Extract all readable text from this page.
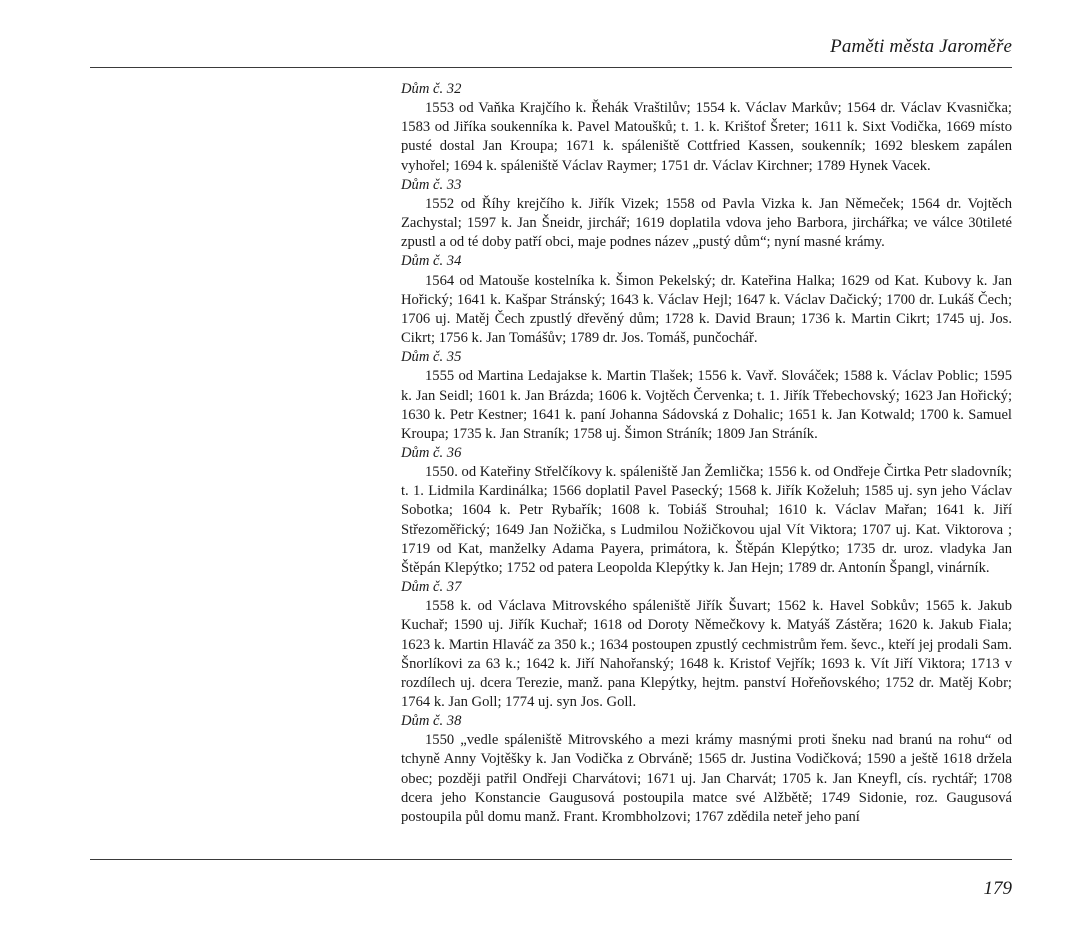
Paměti města Jaroměře
Dům č. 32

1553 od Vaňka Krajčího k. Řehák Vraštilův; 1554 k. Václav Markův; 1564 dr. Václav Kvasnička; 1583 od Jiříka soukenníka k. Pavel Matoušků; t. 1. k. Krištof Šreter; 1611 k. Sixt Vodička, 1669 místo pusté dostal Jan Kroupa; 1671 k. spáleniště Cottfried Kassen, soukenník; 1692 bleskem zapálen vyhořel; 1694 k. spáleniště Václav Raymer; 1751 dr. Václav Kirchner; 1789 Hynek Vacek.

Dům č. 33

1552 od Říhy krejčího k. Jiřík Vizek; 1558 od Pavla Vizka k. Jan Němeček; 1564 dr. Vojtěch Zachystal; 1597 k. Jan Šneidr, jirchář; 1619 doplatila vdova jeho Barbora, jirchářka; ve válce 30tileté zpustl a od té doby patří obci, maje podnes název „pustý dům“; nyní masné krámy.

Dům č. 34

1564 od Matouše kostelníka k. Šimon Pekelský; dr. Kateřina Halka; 1629 od Kat. Kubovy k. Jan Hořický; 1641 k. Kašpar Stránský; 1643 k. Václav Hejl; 1647 k. Václav Dačický; 1700 dr. Lukáš Čech; 1706 uj. Matěj Čech zpustlý dřevěný dům; 1728 k. David Braun; 1736 k. Martin Cikrt; 1745 uj. Jos. Cikrt; 1756 k. Jan Tomášův; 1789 dr. Jos. Tomáš, punčochář.

Dům č. 35

1555 od Martina Ledajakse k. Martin Tlašek; 1556 k. Vavř. Slováček; 1588 k. Václav Poblic; 1595 k. Jan Seidl; 1601 k. Jan Brázda; 1606 k. Vojtěch Červenka; t. 1. Jiřík Třebechovský; 1623 Jan Hořický; 1630 k. Petr Kestner; 1641 k. paní Johanna Sádovská z Dohalic; 1651 k. Jan Kotwald; 1700 k. Samuel Kroupa; 1735 k. Jan Straník; 1758 uj. Šimon Stráník; 1809 Jan Stráník.

Dům č. 36

1550. od Kateřiny Střelčíkovy k. spáleniště Jan Žemlička; 1556 k. od Ondřeje Čirtka Petr sladovník; t. 1. Lidmila Kardinálka; 1566 doplatil Pavel Pasecký; 1568 k. Jiřík Koželuh; 1585 uj. syn jeho Václav Sobotka; 1604 k. Petr Rybařík; 1608 k. Tobiáš Strouhal; 1610 k. Václav Mařan; 1641 k. Jiří Střezoměřický; 1649 Jan Nožička, s Ludmilou Nožičkovou ujal Vít Viktora; 1707 uj. Kat. Viktorova ; 1719 od Kat, manželky Adama Payera, primátora, k. Štěpán Klepýtko; 1735 dr. uroz. vladyka Jan Štěpán Klepýtko; 1752 od patera Leopolda Klepýtky k. Jan Hejn; 1789 dr. Antonín Špangl, vinárník.

Dům č. 37

1558 k. od Václava Mitrovského spáleniště Jiřík Šuvart; 1562 k. Havel Sobkův; 1565 k. Jakub Kuchař; 1590 uj. Jiřík Kuchař; 1618 od Doroty Němečkovy k. Matyáš Zástěra; 1620 k. Jakub Fiala; 1623 k. Martin Hlaváč za 350 k.; 1634 postoupen zpustlý cechmistrům řem. ševc., kteří jej prodali Sam. Šnorlíkovi za 63 k.; 1642 k. Jiří Nahořanský; 1648 k. Kristof Vejřík; 1693 k. Vít Jiří Viktora; 1713 v rozdílech uj. dcera Terezie, manž. pana Klepýtky, hejtm. panství Hořeňovského; 1752 dr. Matěj Kobr; 1764 k. Jan Goll; 1774 uj. syn Jos. Goll.

Dům č. 38

1550 „vedle spáleniště Mitrovského a mezi krámy masnými proti šneku nad branú na rohu“ od tchyně Anny Vojtěšky k. Jan Vodička z Obrváně; 1565 dr. Justina Vodičková; 1590 a ještě 1618 držela obec; později patřil Ondřeji Charvátovi; 1671 uj. Jan Charvát; 1705 k. Jan Kneyfl, cís. rychtář; 1708 dcera jeho Konstancie Gaugusová postoupila matce své Alžbětě; 1749 Sidonie, roz. Gaugusová postoupila půl domu manž. Frant. Krombholzovi; 1767 zdědila neteř jeho paní

179
